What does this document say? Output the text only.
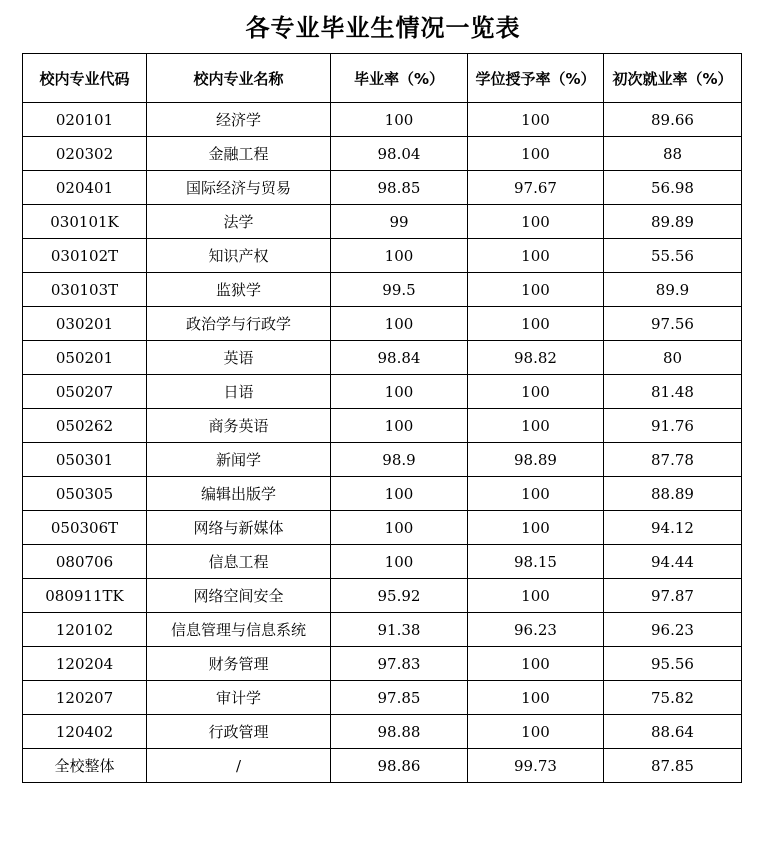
各专业毕业生情况一览表
校内专业代码	校内专业名称	毕业率（%）	学位授予率（%）	初次就业率（%）
020101	经济学	100	100	89.66
020302	金融工程	98.04	100	88
020401	国际经济与贸易	98.85	97.67	56.98
030101K	法学	99	100	89.89
030102T	知识产权	100	100	55.56
030103T	监狱学	99.5	100	89.9
030201	政治学与行政学	100	100	97.56
050201	英语	98.84	98.82	80
050207	日语	100	100	81.48
050262	商务英语	100	100	91.76
050301	新闻学	98.9	98.89	87.78
050305	编辑出版学	100	100	88.89
050306T	网络与新媒体	100	100	94.12
080706	信息工程	100	98.15	94.44
080911TK	网络空间安全	95.92	100	97.87
120102	信息管理与信息系统	91.38	96.23	96.23
120204	财务管理	97.83	100	95.56
120207	审计学	97.85	100	75.82
120402	行政管理	98.88	100	88.64
全校整体	/	98.86	99.73	87.85
